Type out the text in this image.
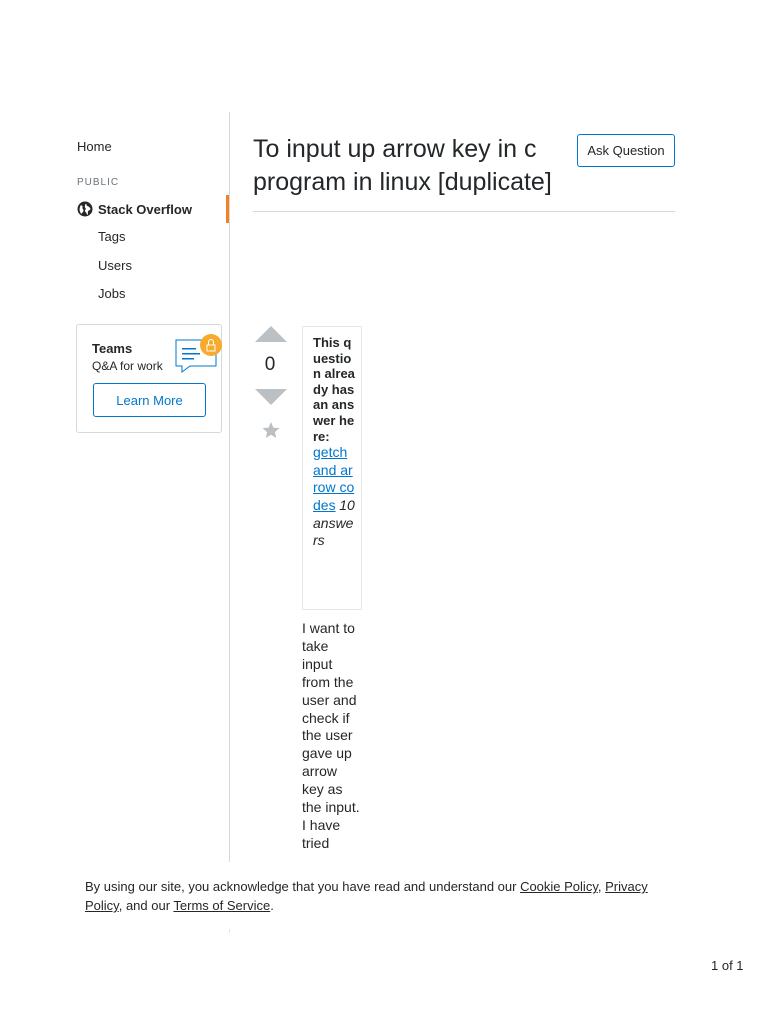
Home
PUBLIC
Stack Overflow
Tags
Users
Jobs
Teams
Q&A for work
Learn More
To input up arrow key in c program in linux [duplicate]
Ask Question
0
This question already has an answer here:
getch and arrow codes 10 answers
I want to take input from the user and check if the user gave up arrow key as the input. I have tried
By using our site, you acknowledge that you have read and understand our Cookie Policy, Privacy Policy, and our Terms of Service.
1 of 1
